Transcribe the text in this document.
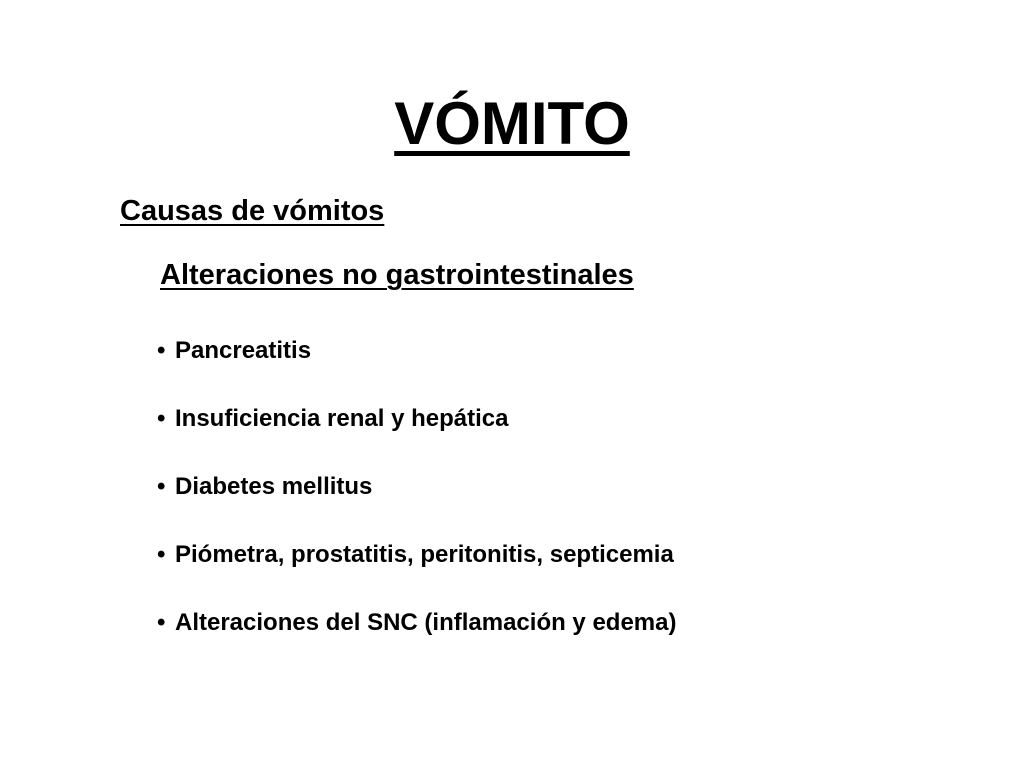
VÓMITO
Causas de vómitos
Alteraciones no gastrointestinales
• Pancreatitis
• Insuficiencia renal y hepática
• Diabetes mellitus
• Piómetra, prostatitis, peritonitis, septicemia
• Alteraciones del SNC (inflamación y edema)
